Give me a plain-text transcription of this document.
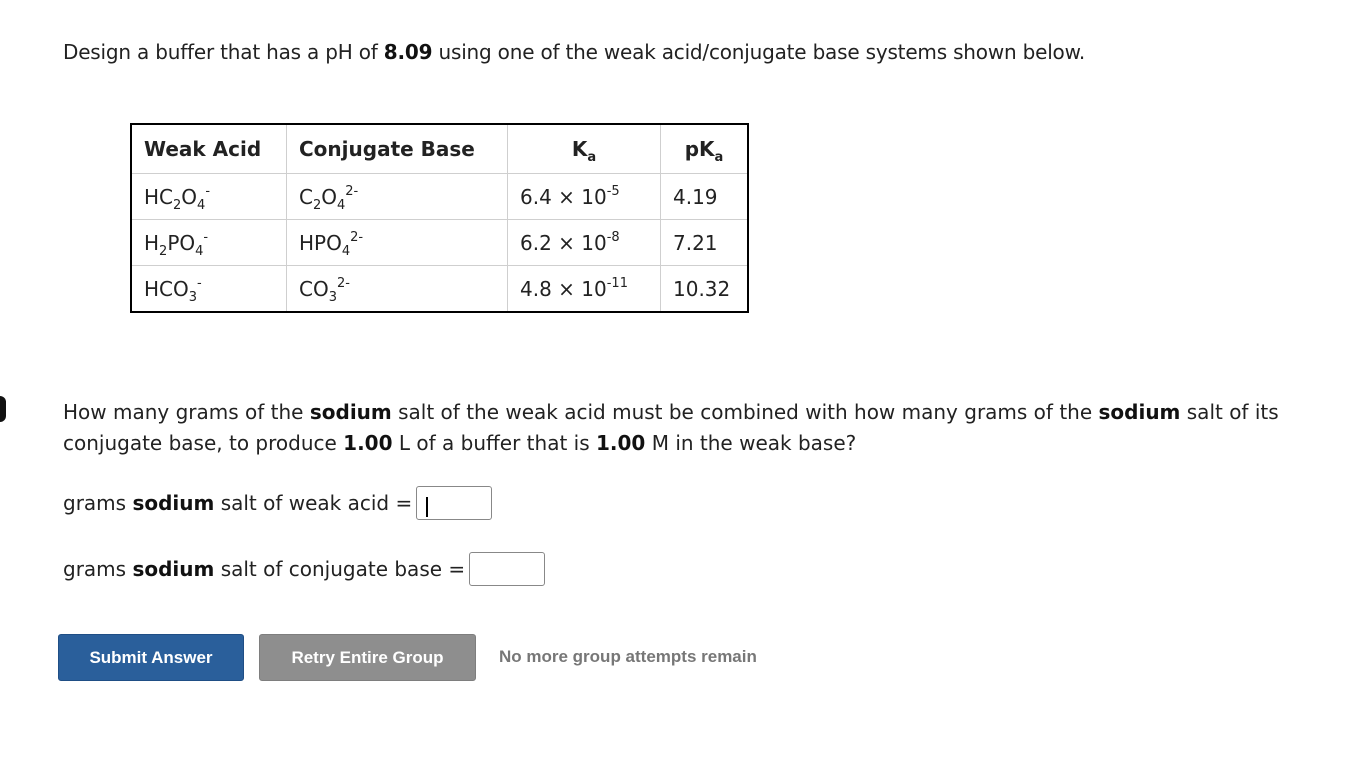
Design a buffer that has a pH of 8.09 using one of the weak acid/conjugate base systems shown below.
Weak Acid	Conjugate Base	$K_a$	$pK_a$
$HC_2O_4^-$	$C_2O_4^{2-}$	$6.4 \times 10^{-5}$	4.19
$H_2PO_4^-$	$HPO_4^{2-}$	$6.2 \times 10^{-8}$	7.21
$HCO_3^-$	$CO_3^{2-}$	$4.8 \times 10^{-11}$	10.32
How many grams of the sodium salt of the weak acid must be combined with how many grams of the sodium salt of its conjugate base, to produce 1.00 L of a buffer that is 1.00 M in the weak base?
grams sodium salt of weak acid =
grams sodium salt of conjugate base =
Submit Answer	Retry Entire Group	No more group attempts remain
